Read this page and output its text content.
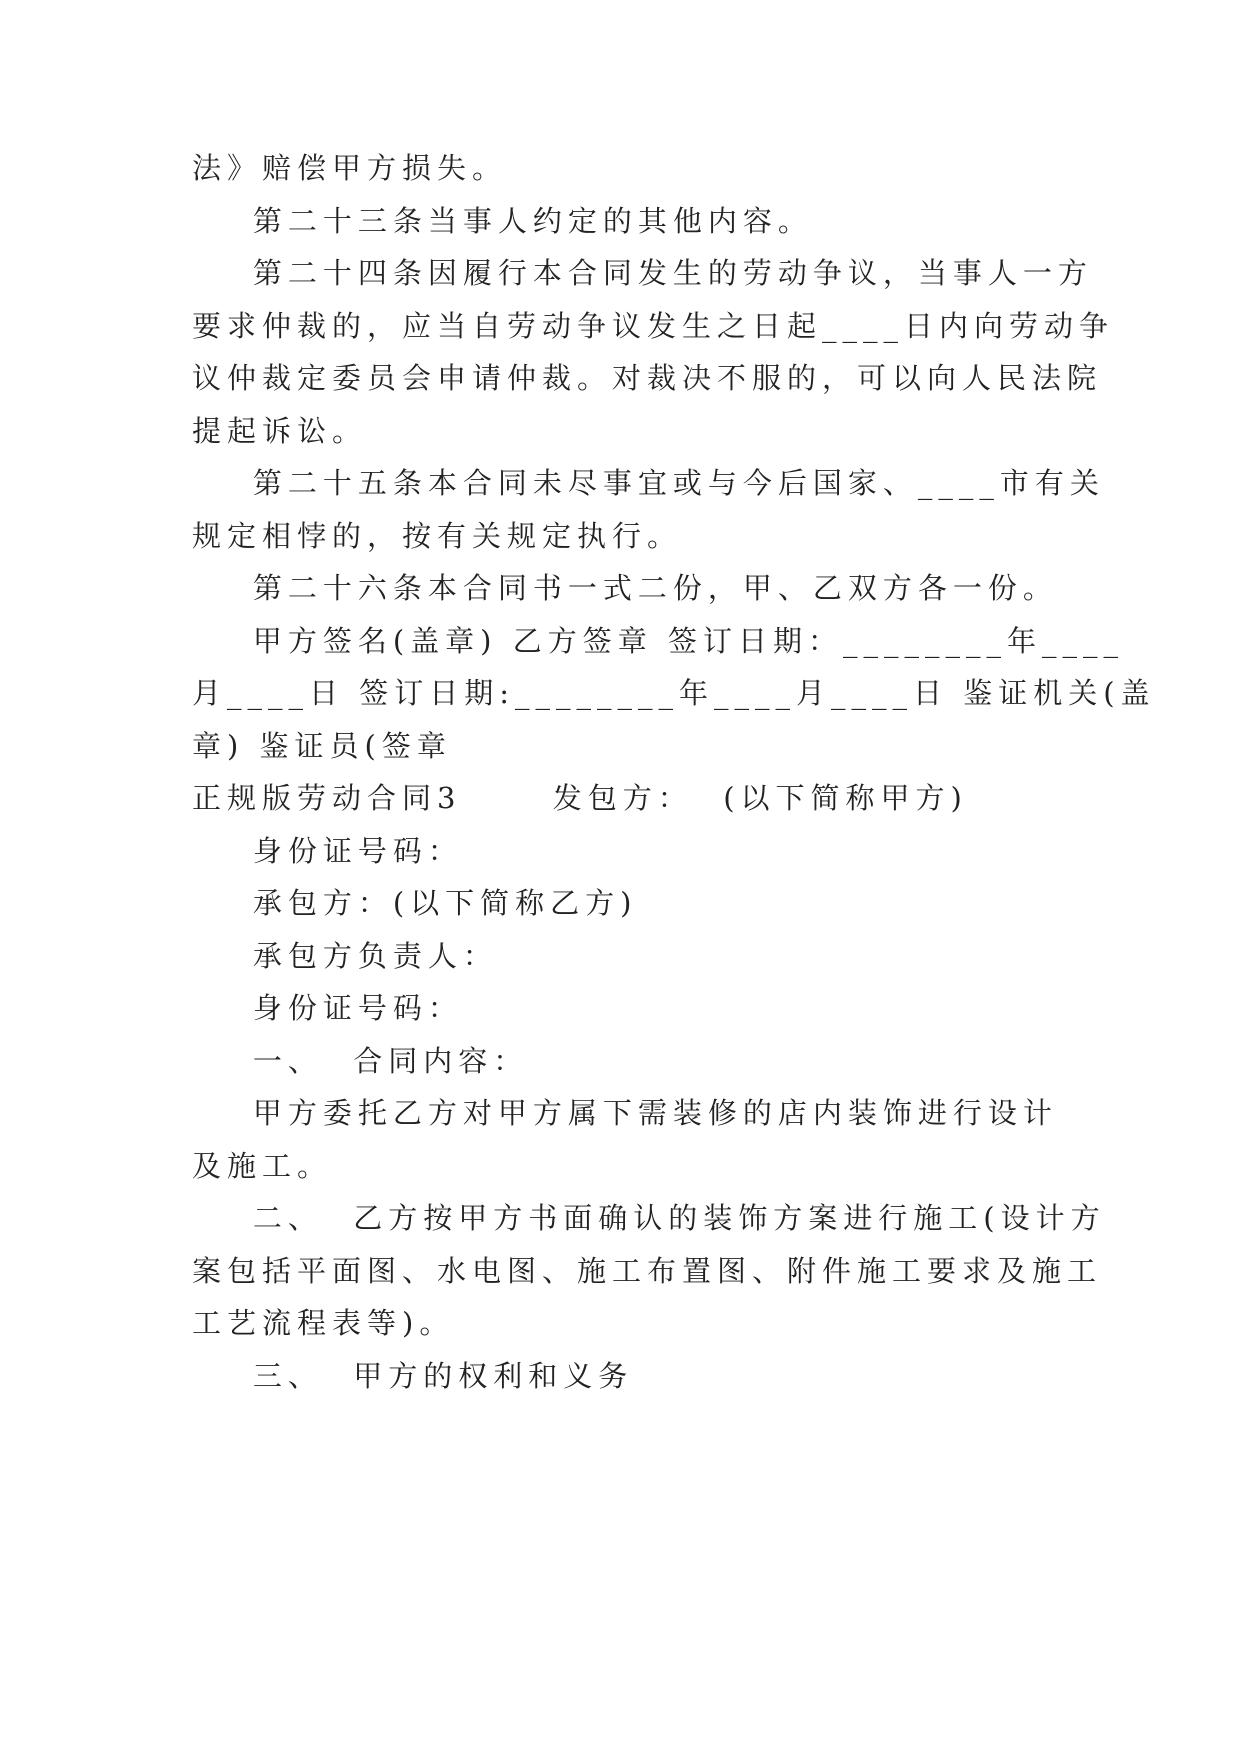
法》赔偿甲方损失。

第二十三条当事人约定的其他内容。

第二十四条因履行本合同发生的劳动争议，当事人一方

要求仲裁的，应当自劳动争议发生之日起____日内向劳动争

议仲裁定委员会申请仲裁。对裁决不服的，可以向人民法院

提起诉讼。

第二十五条本合同未尽事宜或与今后国家、____市有关

规定相悖的，按有关规定执行。

第二十六条本合同书一式二份，甲、乙双方各一份。

甲方签名(盖章) 乙方签章 签订日期：________年____

月____日 签订日期:________年____月____日 鉴证机关(盖

章) 鉴证员(签章

正规版劳动合同3      发包方：  (以下简称甲方)

身份证号码：

承包方：(以下简称乙方)

承包方负责人：

身份证号码：

一、  合同内容：

甲方委托乙方对甲方属下需装修的店内装饰进行设计

及施工。

二、  乙方按甲方书面确认的装饰方案进行施工(设计方

案包括平面图、水电图、施工布置图、附件施工要求及施工

工艺流程表等)。

三、  甲方的权利和义务
